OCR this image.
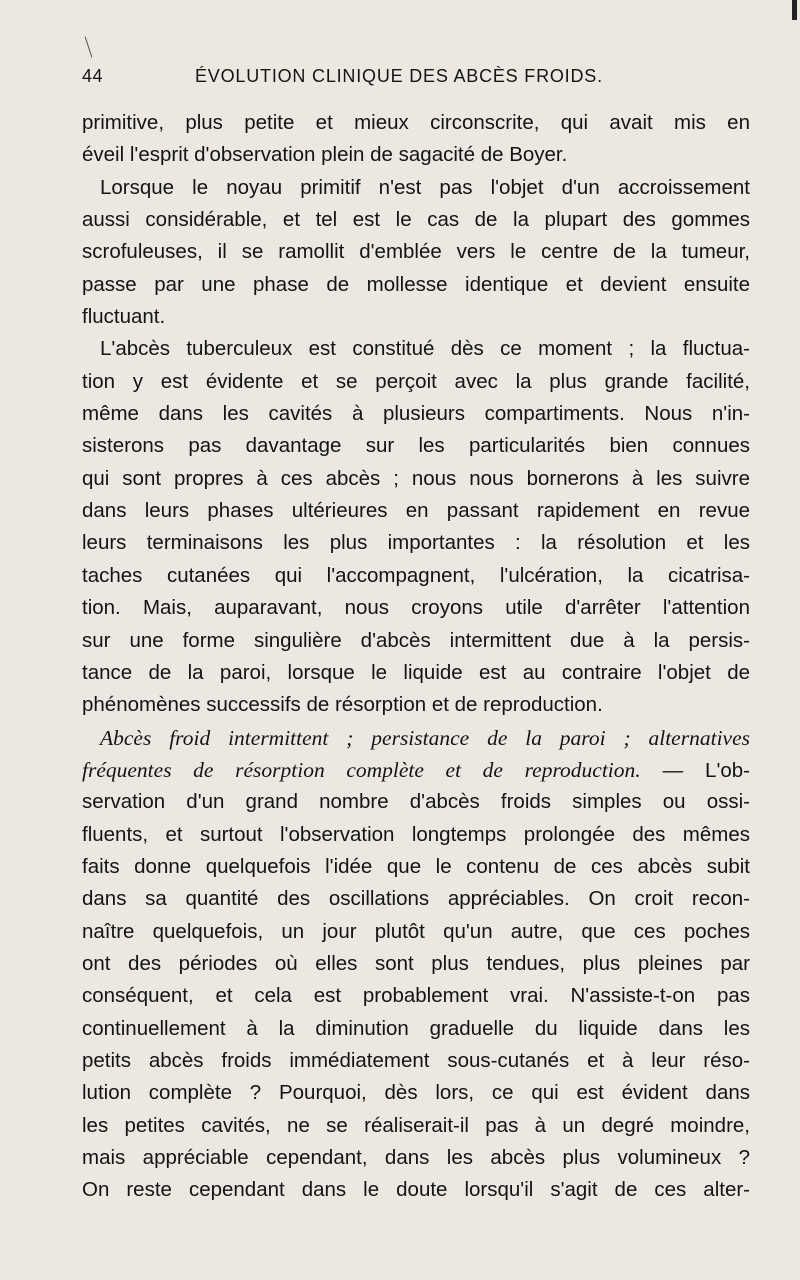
44	ÉVOLUTION CLINIQUE DES ABCÈS FROIDS.
primitive, plus petite et mieux circonscrite, qui avait mis en
éveil l'esprit d'observation plein de sagacité de Boyer.
Lorsque le noyau primitif n'est pas l'objet d'un accroissement
aussi considérable, et tel est le cas de la plupart des gommes
scrofuleuses, il se ramollit d'emblée vers le centre de la tumeur,
passe par une phase de mollesse identique et devient ensuite
fluctuant.
L'abcès tuberculeux est constitué dès ce moment ; la fluctua-
tion y est évidente et se perçoit avec la plus grande facilité,
même dans les cavités à plusieurs compartiments. Nous n'in-
sisterons pas davantage sur les particularités bien connues
qui sont propres à ces abcès ; nous nous bornerons à les suivre
dans leurs phases ultérieures en passant rapidement en revue
leurs terminaisons les plus importantes : la résolution et les
taches cutanées qui l'accompagnent, l'ulcération, la cicatrisa-
tion. Mais, auparavant, nous croyons utile d'arrêter l'attention
sur une forme singulière d'abcès intermittent due à la persis-
tance de la paroi, lorsque le liquide est au contraire l'objet de
phénomènes successifs de résorption et de reproduction.
Abcès froid intermittent ; persistance de la paroi ; alternatives
fréquentes de résorption complète et de reproduction. — L'ob-
servation d'un grand nombre d'abcès froids simples ou ossi-
fluents, et surtout l'observation longtemps prolongée des mêmes
faits donne quelquefois l'idée que le contenu de ces abcès subit
dans sa quantité des oscillations appréciables. On croit recon-
naître quelquefois, un jour plutôt qu'un autre, que ces poches
ont des périodes où elles sont plus tendues, plus pleines par
conséquent, et cela est probablement vrai. N'assiste-t-on pas
continuellement à la diminution graduelle du liquide dans les
petits abcès froids immédiatement sous-cutanés et à leur réso-
lution complète ? Pourquoi, dès lors, ce qui est évident dans
les petites cavités, ne se réaliserait-il pas à un degré moindre,
mais appréciable cependant, dans les abcès plus volumineux ?
On reste cependant dans le doute lorsqu'il s'agit de ces alter-
